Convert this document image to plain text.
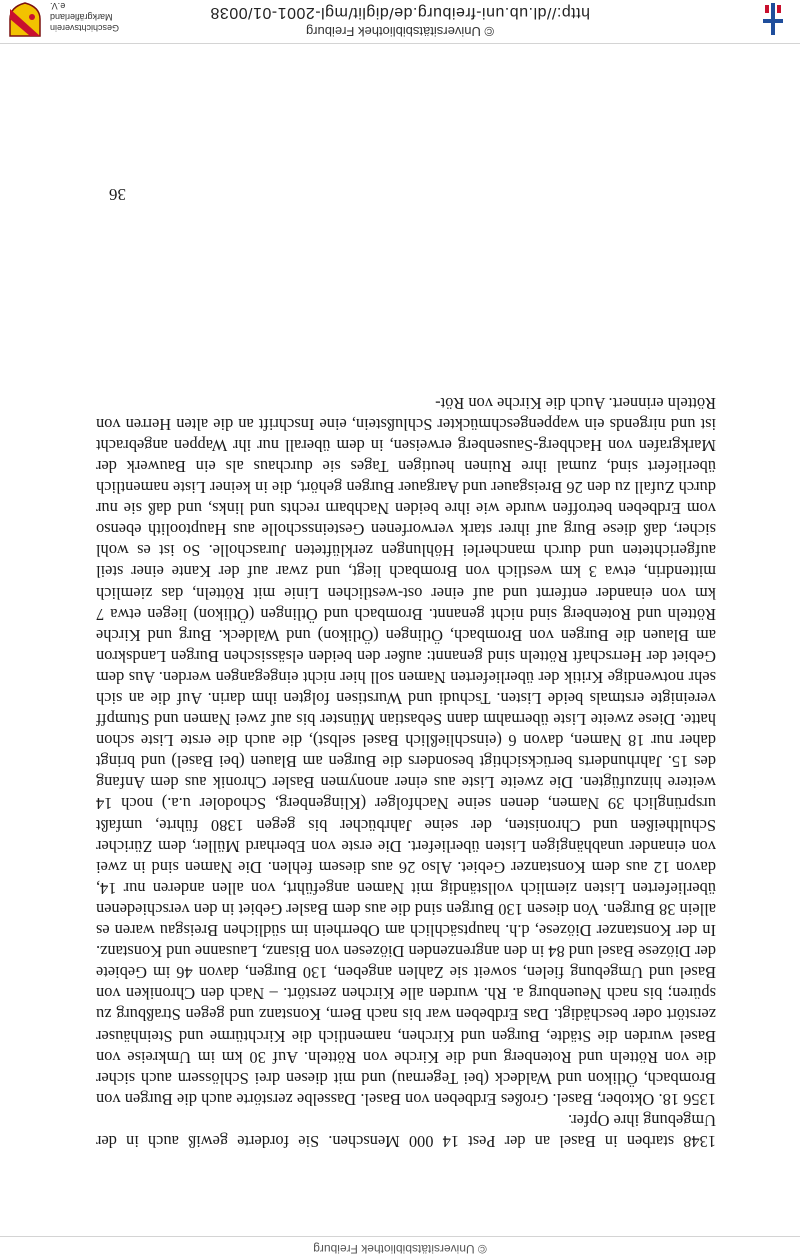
© Universitätsbibliothek Freiburg

1348 starben in Basel an der Pest 14 000 Menschen. Sie forderte gewiß auch in der Umgebung ihre Opfer.

1356 18. Oktober, Basel. Großes Erdbeben von Basel. Dasselbe zerstörte auch die Burgen von Brombach, Ötlikon und Waldeck (bei Tegernau) und mit diesen drei Schlössern auch sicher die von Rötteln und Rotenberg und die Kirche von Rötteln. Auf 30 km im Umkreise von Basel wurden die Städte, Burgen und Kirchen, namentlich die Kirchtürme und Steinhäuser zerstört oder beschädigt. Das Erdbeben war bis nach Bern, Konstanz und gegen Straßburg zu spüren; bis nach Neuenburg a. Rh. wurden alle Kirchen zerstört. – Nach den Chroniken von Basel und Umgebung fielen, soweit sie Zahlen angeben, 130 Burgen, davon 46 im Gebiete der Diözese Basel und 84 in den angrenzenden Diözesen von Bisanz, Lausanne und Konstanz. In der Konstanzer Diözese, d.h. hauptsächlich am Oberrhein im südlichen Breisgau waren es allein 38 Burgen. Von diesen 130 Burgen sind die aus dem Basler Gebiet in den verschiedenen überlieferten Listen ziemlich vollständig mit Namen angeführt, von allen anderen nur 14, davon 12 aus dem Konstanzer Gebiet. Also 26 aus diesem fehlen. Die Namen sind in zwei von einander unabhängigen Listen überliefert. Die erste von Eberhard Müller, dem Züricher Schultheißen und Chronisten, der seine Jahrbücher bis gegen 1380 führte, umfaßt ursprünglich 39 Namen, denen seine Nachfolger (Klingenberg, Schodoler u.a.) noch 14 weitere hinzufügten. Die zweite Liste aus einer anonymen Basler Chronik aus dem Anfang des 15. Jahrhunderts berücksichtigt besonders die Burgen am Blauen (bei Basel) und bringt daher nur 18 Namen, davon 6 (einschließlich Basel selbst), die auch die erste Liste schon hatte. Diese zweite Liste übernahm dann Sebastian Münster bis auf zwei Namen und Stumpff vereinigte erstmals beide Listen. Tschudi und Wurstisen folgten ihm darin. Auf die an sich sehr notwendige Kritik der überlieferten Namen soll hier nicht eingegangen werden. Aus dem Gebiet der Herrschaft Rötteln sind genannt: außer den beiden elsässischen Burgen Landskron am Blauen die Burgen von Brombach, Ötlingen (Ötlikon) und Waldeck. Burg und Kirche Rötteln und Rotenberg sind nicht genannt. Brombach und Ötlingen (Ötlikon) liegen etwa 7 km von einander entfernt und auf einer ost-westlichen Linie mit Rötteln, das ziemlich mittendrin, etwa 3 km westlich von Brombach liegt, und zwar auf der Kante einer steil aufgerichteten und durch mancherlei Höhlungen zerklüfteten Juraschollе. So ist es wohl sicher, daß diese Burg auf ihrer stark verworfenen Gesteinsscholle aus Hauptoolith ebenso vom Erdbeben betroffen wurde wie ihre beiden Nachbarn rechts und links, und daß sie nur durch Zufall zu den 26 Breisgauer und Aargauer Burgen gehört, die in keiner Liste namentlich überliefert sind, zumal ihre Ruinen heutigen Tages sie durchaus als ein Bauwerk der Markgrafen von Hachberg-Sausenberg erweisen, in dem überall nur ihr Wappen angebracht ist und nirgends ein wappengeschmückter Schlußstein, eine Inschrift an die alten Herren von Rötteln erinnert. Auch die Kirche von Röt-

36
© Universitätsbibliothek Freiburg
http://dl.ub.uni-freiburg.de/diglit/mgl-2001-01/0038
Geschichtsverein
Markgräflerland e.V.
